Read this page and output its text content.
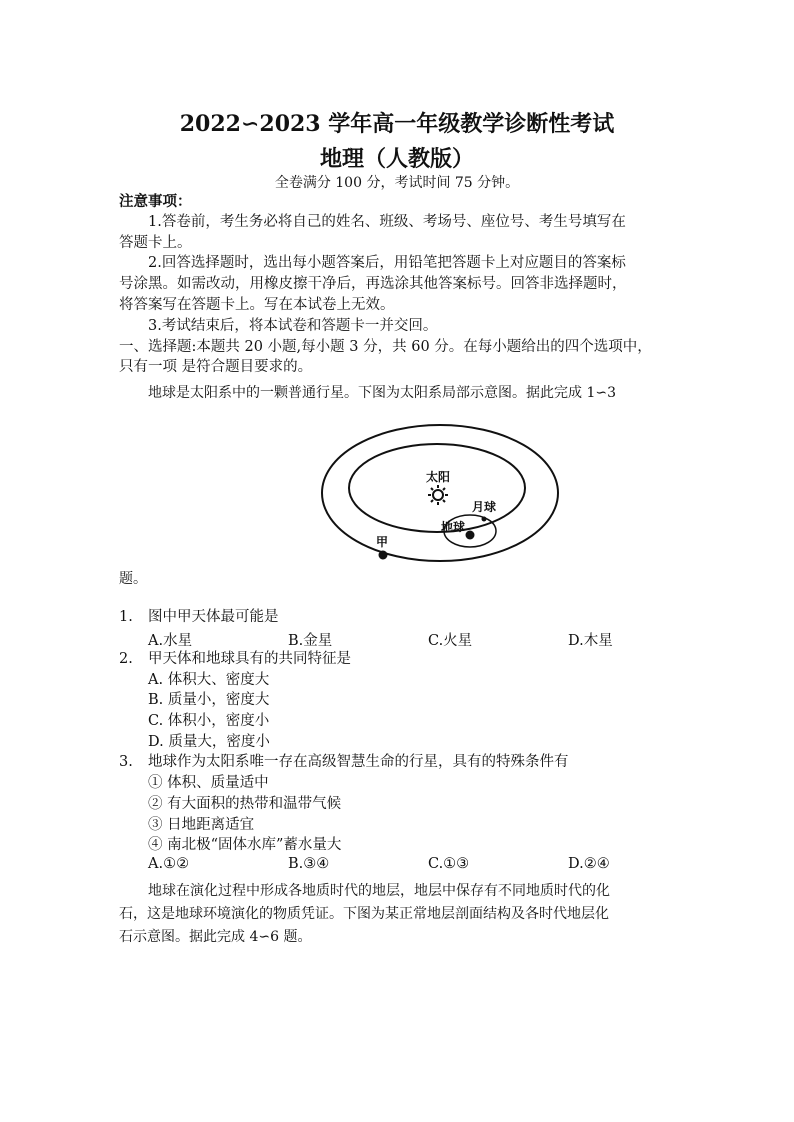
2022∽2023 学年高一年级教学诊断性考试
地理（人教版）
全卷满分 100 分，考试时间 75 分钟。
注意事项：
1.答卷前，考生务必将自己的姓名、班级、考场号、座位号、考生号填写在
答题卡上。
2.回答选择题时，选出每小题答案后，用铅笔把答题卡上对应题目的答案标
号涂黑。如需改动，用橡皮擦干净后，再选涂其他答案标号。回答非选择题时，
将答案写在答题卡上。写在本试卷上无效。
3.考试结束后，将本试卷和答题卡一并交回。
一、选择题:本题共 20 小题,每小题 3 分，共 60 分。在每小题给出的四个选项中，
只有一项 是符合题目要求的。
地球是太阳系中的一颗普通行星。下图为太阳系局部示意图。据此完成 1∽3
太阳
月球
地球
甲
题。
1. 图中甲天体最可能是
A.水星	B.金星	C.火星	D.木星
2. 甲天体和地球具有的共同特征是
A. 体积大、密度大
B. 质量小，密度大
C. 体积小，密度小
D. 质量大，密度小
3. 地球作为太阳系唯一存在高级智慧生命的行星，具有的特殊条件有
① 体积、质量适中
② 有大面积的热带和温带气候
③ 日地距离适宜
④ 南北极“固体水库”蓄水量大
A.①②	B.③④	C.①③	D.②④
地球在演化过程中形成各地质时代的地层，地层中保存有不同地质时代的化
石，这是地球环境演化的物质凭证。下图为某正常地层剖面结构及各时代地层化
石示意图。据此完成 4∽6 题。
